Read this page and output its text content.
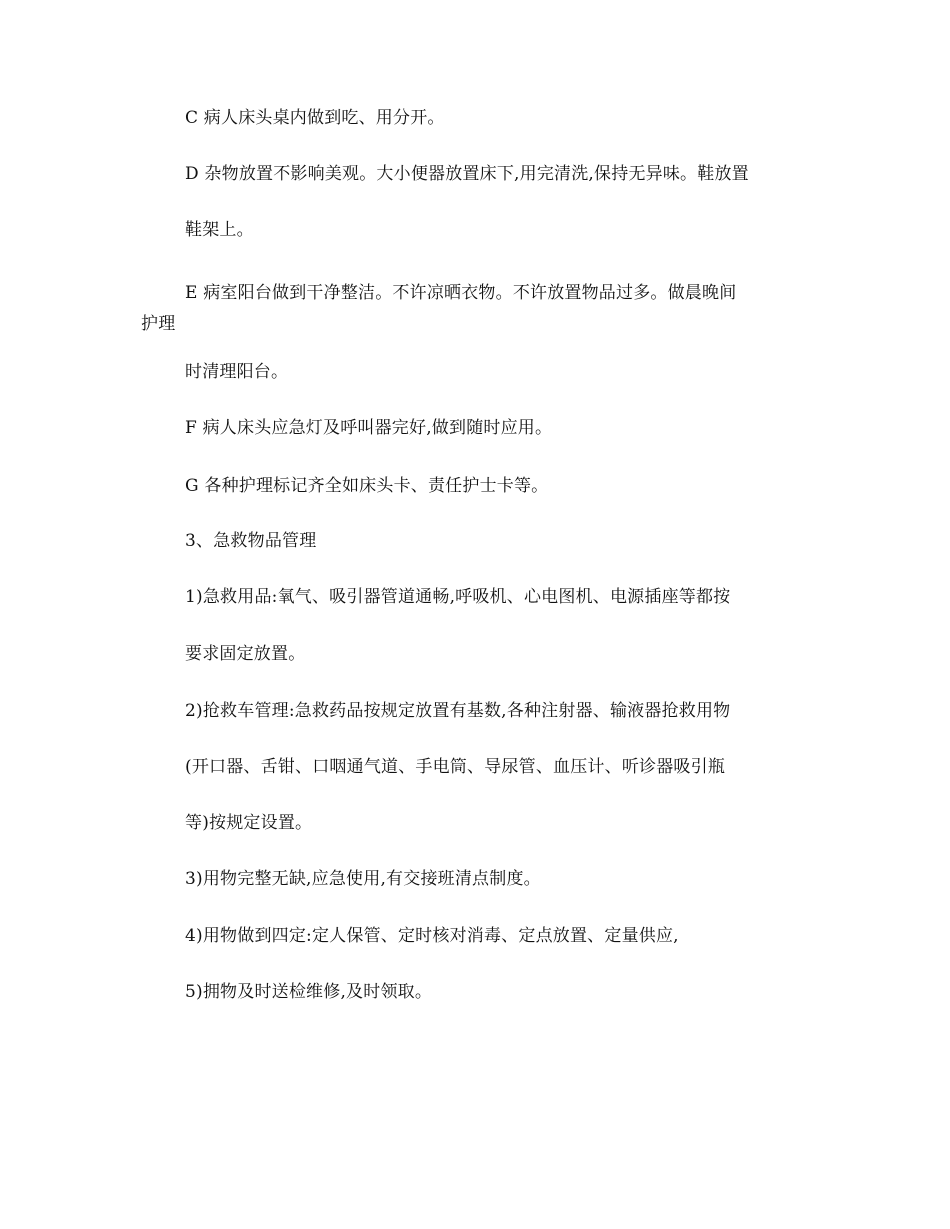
C 病人床头桌内做到吃、用分开。
D 杂物放置不影响美观。大小便器放置床下,用完清洗,保持无异味。鞋放置
鞋架上。
E 病室阳台做到干净整洁。不许凉晒衣物。不许放置物品过多。做晨晚间
护理
时清理阳台。
F 病人床头应急灯及呼叫器完好,做到随时应用。
G 各种护理标记齐全如床头卡、责任护士卡等。
3、急救物品管理
1)急救用品:氧气、吸引器管道通畅,呼吸机、心电图机、电源插座等都按
要求固定放置。
2)抢救车管理:急救药品按规定放置有基数,各种注射器、输液器抢救用物
(开口器、舌钳、口咽通气道、手电筒、导尿管、血压计、听诊器吸引瓶
等)按规定设置。
3)用物完整无缺,应急使用,有交接班清点制度。
4)用物做到四定:定人保管、定时核对消毒、定点放置、定量供应,
5)拥物及时送检维修,及时领取。
